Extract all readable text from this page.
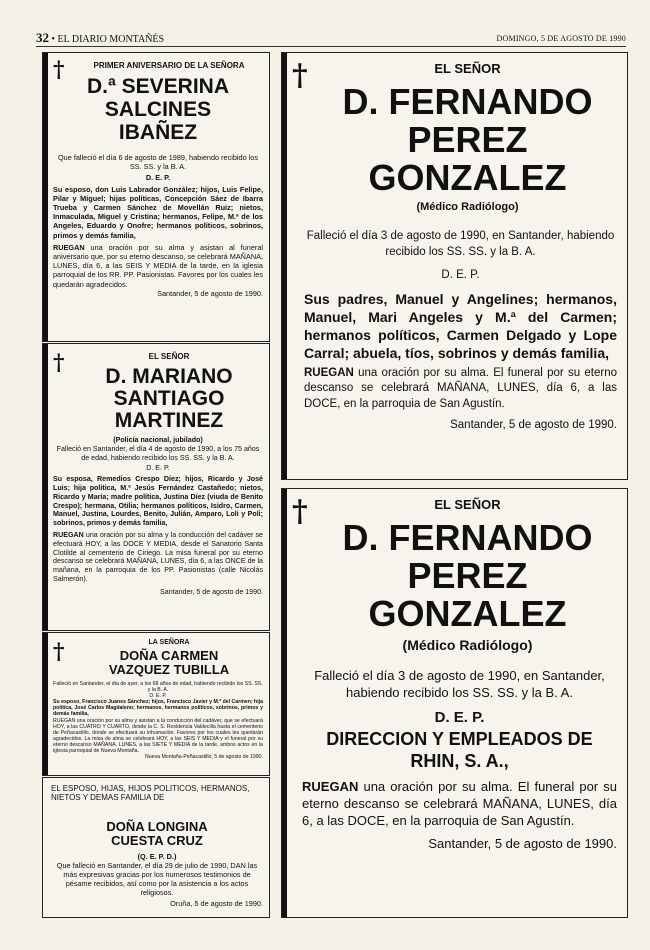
32 • EL DIARIO MONTAÑÉS	DOMINGO, 5 DE AGOSTO DE 1990
†	PRIMER ANIVERSARIO DE LA SEÑORA
D.ª SEVERINA
SALCINES
IBAÑEZ

Que falleció el día 6 de agosto de 1989, habiendo recibido los SS. SS. y la B. A.

D. E. P.

Su esposo, don Luis Labrador González; hijos, Luis Felipe, Pilar y Miguel; hijas políticas, Concepción Sáez de Ibarra Trueba y Carmen Sánchez de Movellán Ruiz; nietos, Inmaculada, Miguel y Cristina; hermanos, Felipe, M.ª de los Angeles, Eduardo y Onofre; hermanos políticos, sobrinos, primos y demás familia,

RUEGAN una oración por su alma y asistan al funeral aniversario que, por su eterno descanso, se celebrará MAÑANA, LUNES, día 6, a las SEIS Y MEDIA de la tarde, en la iglesia parroquial de los RR. PP. Pasionistas. Favores por los cuales les quedarán agradecidos.

Santander, 5 de agosto de 1990.

†	EL SEÑOR
D. MARIANO
SANTIAGO
MARTINEZ

(Policía nacional, jubilado)

Falleció en Santander, el día 4 de agosto de 1990, a los 75 años de edad, habiendo recibido los SS. SS. y la B. A.

D. E. P.

Su esposa, Remedios Crespo Díez; hijos, Ricardo y José Luis; hija política, M.ª Jesús Fernández Castañedo; nietos, Ricardo y María; madre política, Justina Díez (viuda de Benito Crespo); hermana, Otilia; hermanos políticos, Isidro, Carmen, Manuel, Justina, Lourdes, Benito, Julián, Amparo, Loli y Poli; sobrinos, primos y demás familia,

RUEGAN una oración por su alma y la conducción del cadáver se efectuará HOY, a las DOCE Y MEDIA, desde el Sanatorio Santa Clotilde al cementerio de Ciriego. La misa funeral por su eterno descanso se celebrará MAÑANA, LUNES, día 6, a las ONCE de la mañana, en la parroquia de los PP. Pasionistas (calle Nicolás Salmerón).

Santander, 5 de agosto de 1990.

†	LA SEÑORA
DOÑA CARMEN
VAZQUEZ TUBILLA

Falleció en Santander, el día de ayer, a los 68 años de edad, habiendo recibido los SS. SS. y la B. A.

D. E. P.

Su esposo, Francisco Juanes Sánchez; hijos, Francisco Javier y M.ª del Carmen; hija política, José Carlos Magdaleno; hermanos, hermanos políticos, sobrinos, primos y demás familia,

RUEGAN una oración por su alma y asistan a la conducción del cadáver, que se efectuará HOY, a las CUATRO Y CUARTO, desde la C. S. Residencia Valdecilla hasta el cementerio de Peñacastillo, donde se efectuará su inhumación. Favores por los cuales les quedarán agradecidos. La misa de alma se celebrará HOY, a las SEIS Y MEDIA y el funeral por su eterno descanso MAÑANA, LUNES, a las SIETE Y MEDIA de la tarde, ambos actos en la iglesia parroquial de Nueva Montaña.

Nueva Montaña-Peñacastillo, 5 de agosto de 1990.

EL ESPOSO, HIJAS, HIJOS POLITICOS, HERMANOS, NIETOS Y DEMAS FAMILIA DE
DOÑA LONGINA
CUESTA CRUZ

(Q. E. P. D.)

Que falleció en Santander, el día 29 de julio de 1990, DAN las más expresivas gracias por los numerosos testimonios de pésame recibidos, así como por la asistencia a los actos religiosos.

Oruña, 5 de agosto de 1990.

†	EL SEÑOR
D. FERNANDO
PEREZ
GONZALEZ
(Médico Radiólogo)

Falleció el día 3 de agosto de 1990, en Santander, habiendo recibido los SS. SS. y la B. A.

D. E. P.

Sus padres, Manuel y Angelines; hermanos, Manuel, Mari Angeles y M.ª del Carmen; hermanos políticos, Carmen Delgado y Lope Carral; abuela, tíos, sobrinos y demás familia,

RUEGAN una oración por su alma. El funeral por su eterno descanso se celebrará MAÑANA, LUNES, día 6, a las DOCE, en la parroquia de San Agustín.

Santander, 5 de agosto de 1990.

†	EL SEÑOR
D. FERNANDO
PEREZ
GONZALEZ
(Médico Radiólogo)

Falleció el día 3 de agosto de 1990, en Santander, habiendo recibido los SS. SS. y la B. A.

D. E. P.

DIRECCION Y EMPLEADOS DE RHIN, S. A.,

RUEGAN una oración por su alma. El funeral por su eterno descanso se celebrará MAÑANA, LUNES, día 6, a las DOCE, en la parroquia de San Agustín.

Santander, 5 de agosto de 1990.
